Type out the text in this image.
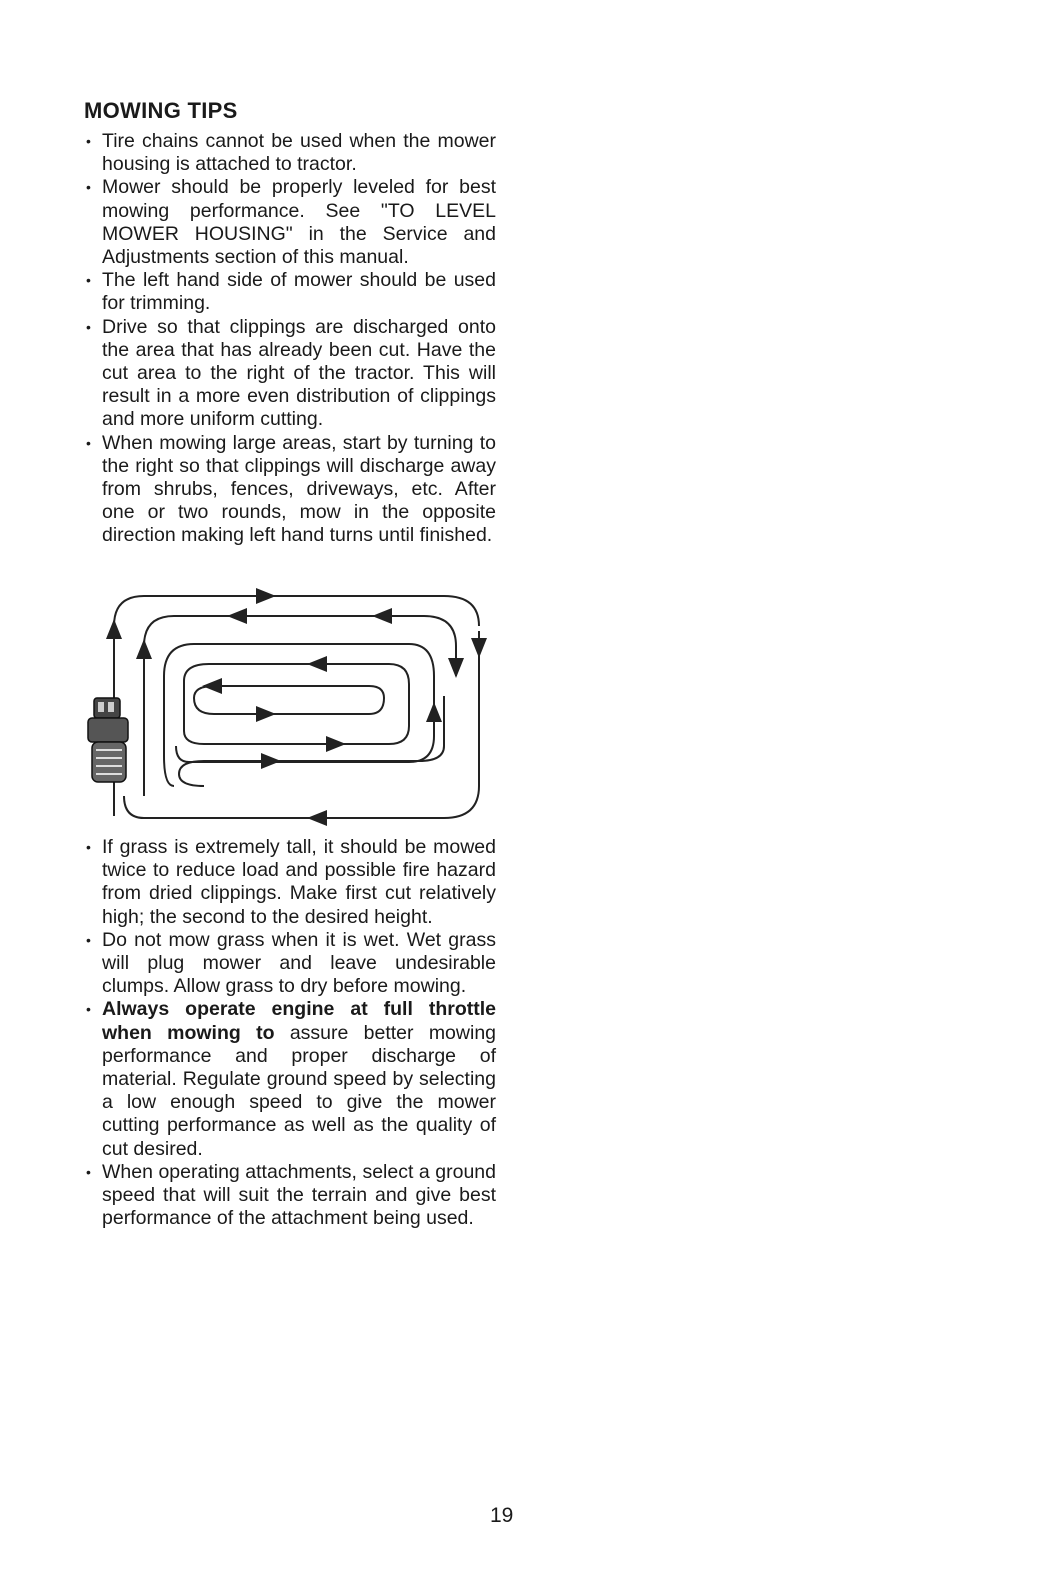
MOWING TIPS
• Tire chains cannot be used when the mower housing is attached to tractor.
• Mower should be properly leveled for best mowing performance. See "TO LEVEL MOWER HOUSING" in the Service and Adjustments section of this manual.
• The left hand side of mower should be used for trimming.
• Drive so that clippings are discharged onto the area that has already been cut. Have the cut area to the right of the tractor. This will result in a more even distribution of clippings and more uniform cutting.
• When mowing large areas, start by turning to the right so that clippings will discharge away from shrubs, fences, driveways, etc. After one or two rounds, mow in the opposite direction making left hand turns until finished.
• If grass is extremely tall, it should be mowed twice to reduce load and possible fire hazard from dried clippings. Make first cut relatively high; the second to the desired height.
• Do not mow grass when it is wet. Wet grass will plug mower and leave undesirable clumps. Allow grass to dry before mowing.
• Always operate engine at full throttle when mowing to assure better mowing performance and proper discharge of material. Regulate ground speed by selecting a low enough speed to give the mower cutting performance as well as the quality of cut desired.
• When operating attachments, select a ground speed that will suit the terrain and give best performance of the attachment being used.
19
